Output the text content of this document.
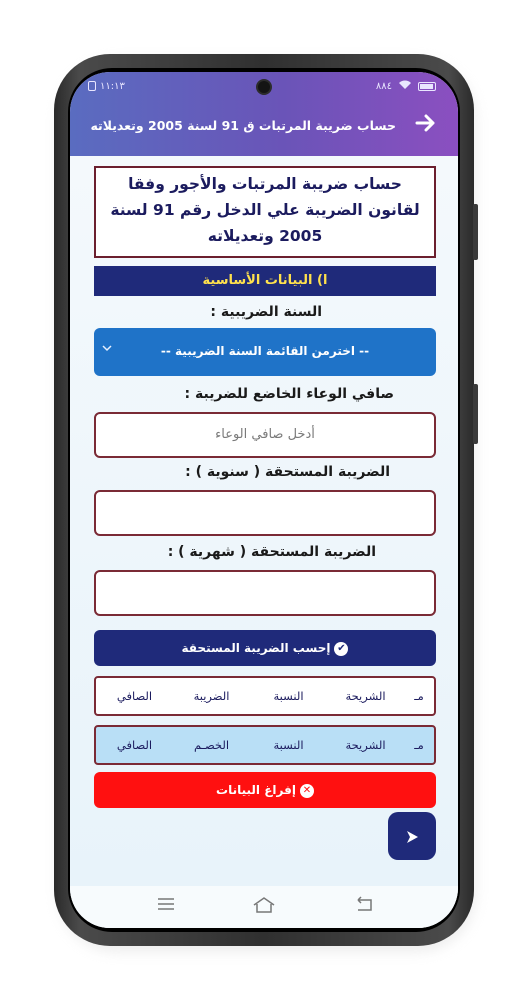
١١:١٣	٨٨٤
حساب ضريبة المرتبات ق 91 لسنة 2005 وتعديلاته
حساب ضريبة المرتبات والأجور وفقا لقانون الضريبة علي الدخل رقم 91 لسنة 2005 وتعديلاته
ا) البيانات الأساسية
السنة الضريبية :
-- اخترمن القائمة السنة الضريبية --
صافي الوعاء الخاضع للضريبة :
أدخل صافي الوعاء
الضريبة المستحقة ( سنوية ) :
الضريبة المستحقة ( شهرية ) :
✔إحسب الضريبة المستحقة
مـ
الشريحة
النسبة
الضريبة
الصافي
مـ
الشريحة
النسبة
الخصـم
الصافي
✕إفراغ البيانات
